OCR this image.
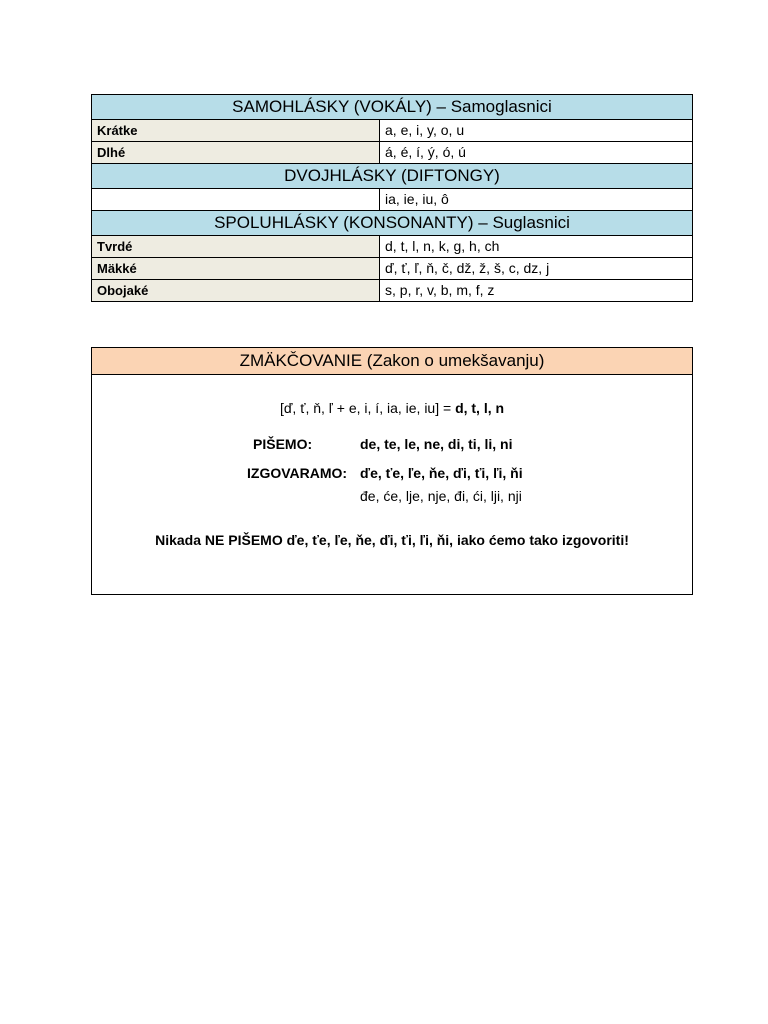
SAMOHLÁSKY (VOKÁLY) – Samoglasnici	
Krátke	a, e, i, y, o, u
Dlhé	á, é, í, ý, ó, ú
DVOJHLÁSKY (DIFTONGY)	
	ia, ie, iu, ô
SPOLUHLÁSKY (KONSONANTY) – Suglasnici	
Tvrdé	d, t, l, n, k, g, h, ch
Mäkké	ď, ť, ľ, ň, č, dž, ž, š, c, dz, j
Obojaké	s, p, r, v, b, m, f, z
ZMÄKČOVANIE (Zakon o umekšavanju)
[ď, ť, ň, ľ + e, i, í, ia, ie, iu] = d, t, l, n
PIŠEMO:	de, te, le, ne, di, ti, li, ni
IZGOVARAMO: ďe, ťe, ľe, ňe, ďi, ťi, ľi, ňi
đe, će, lje, nje, đi, ći, lji, nji
Nikada NE PIŠEMO ďe, ťe, ľe, ňe, ďi, ťi, ľi, ňi, iako ćemo tako izgovoriti!
